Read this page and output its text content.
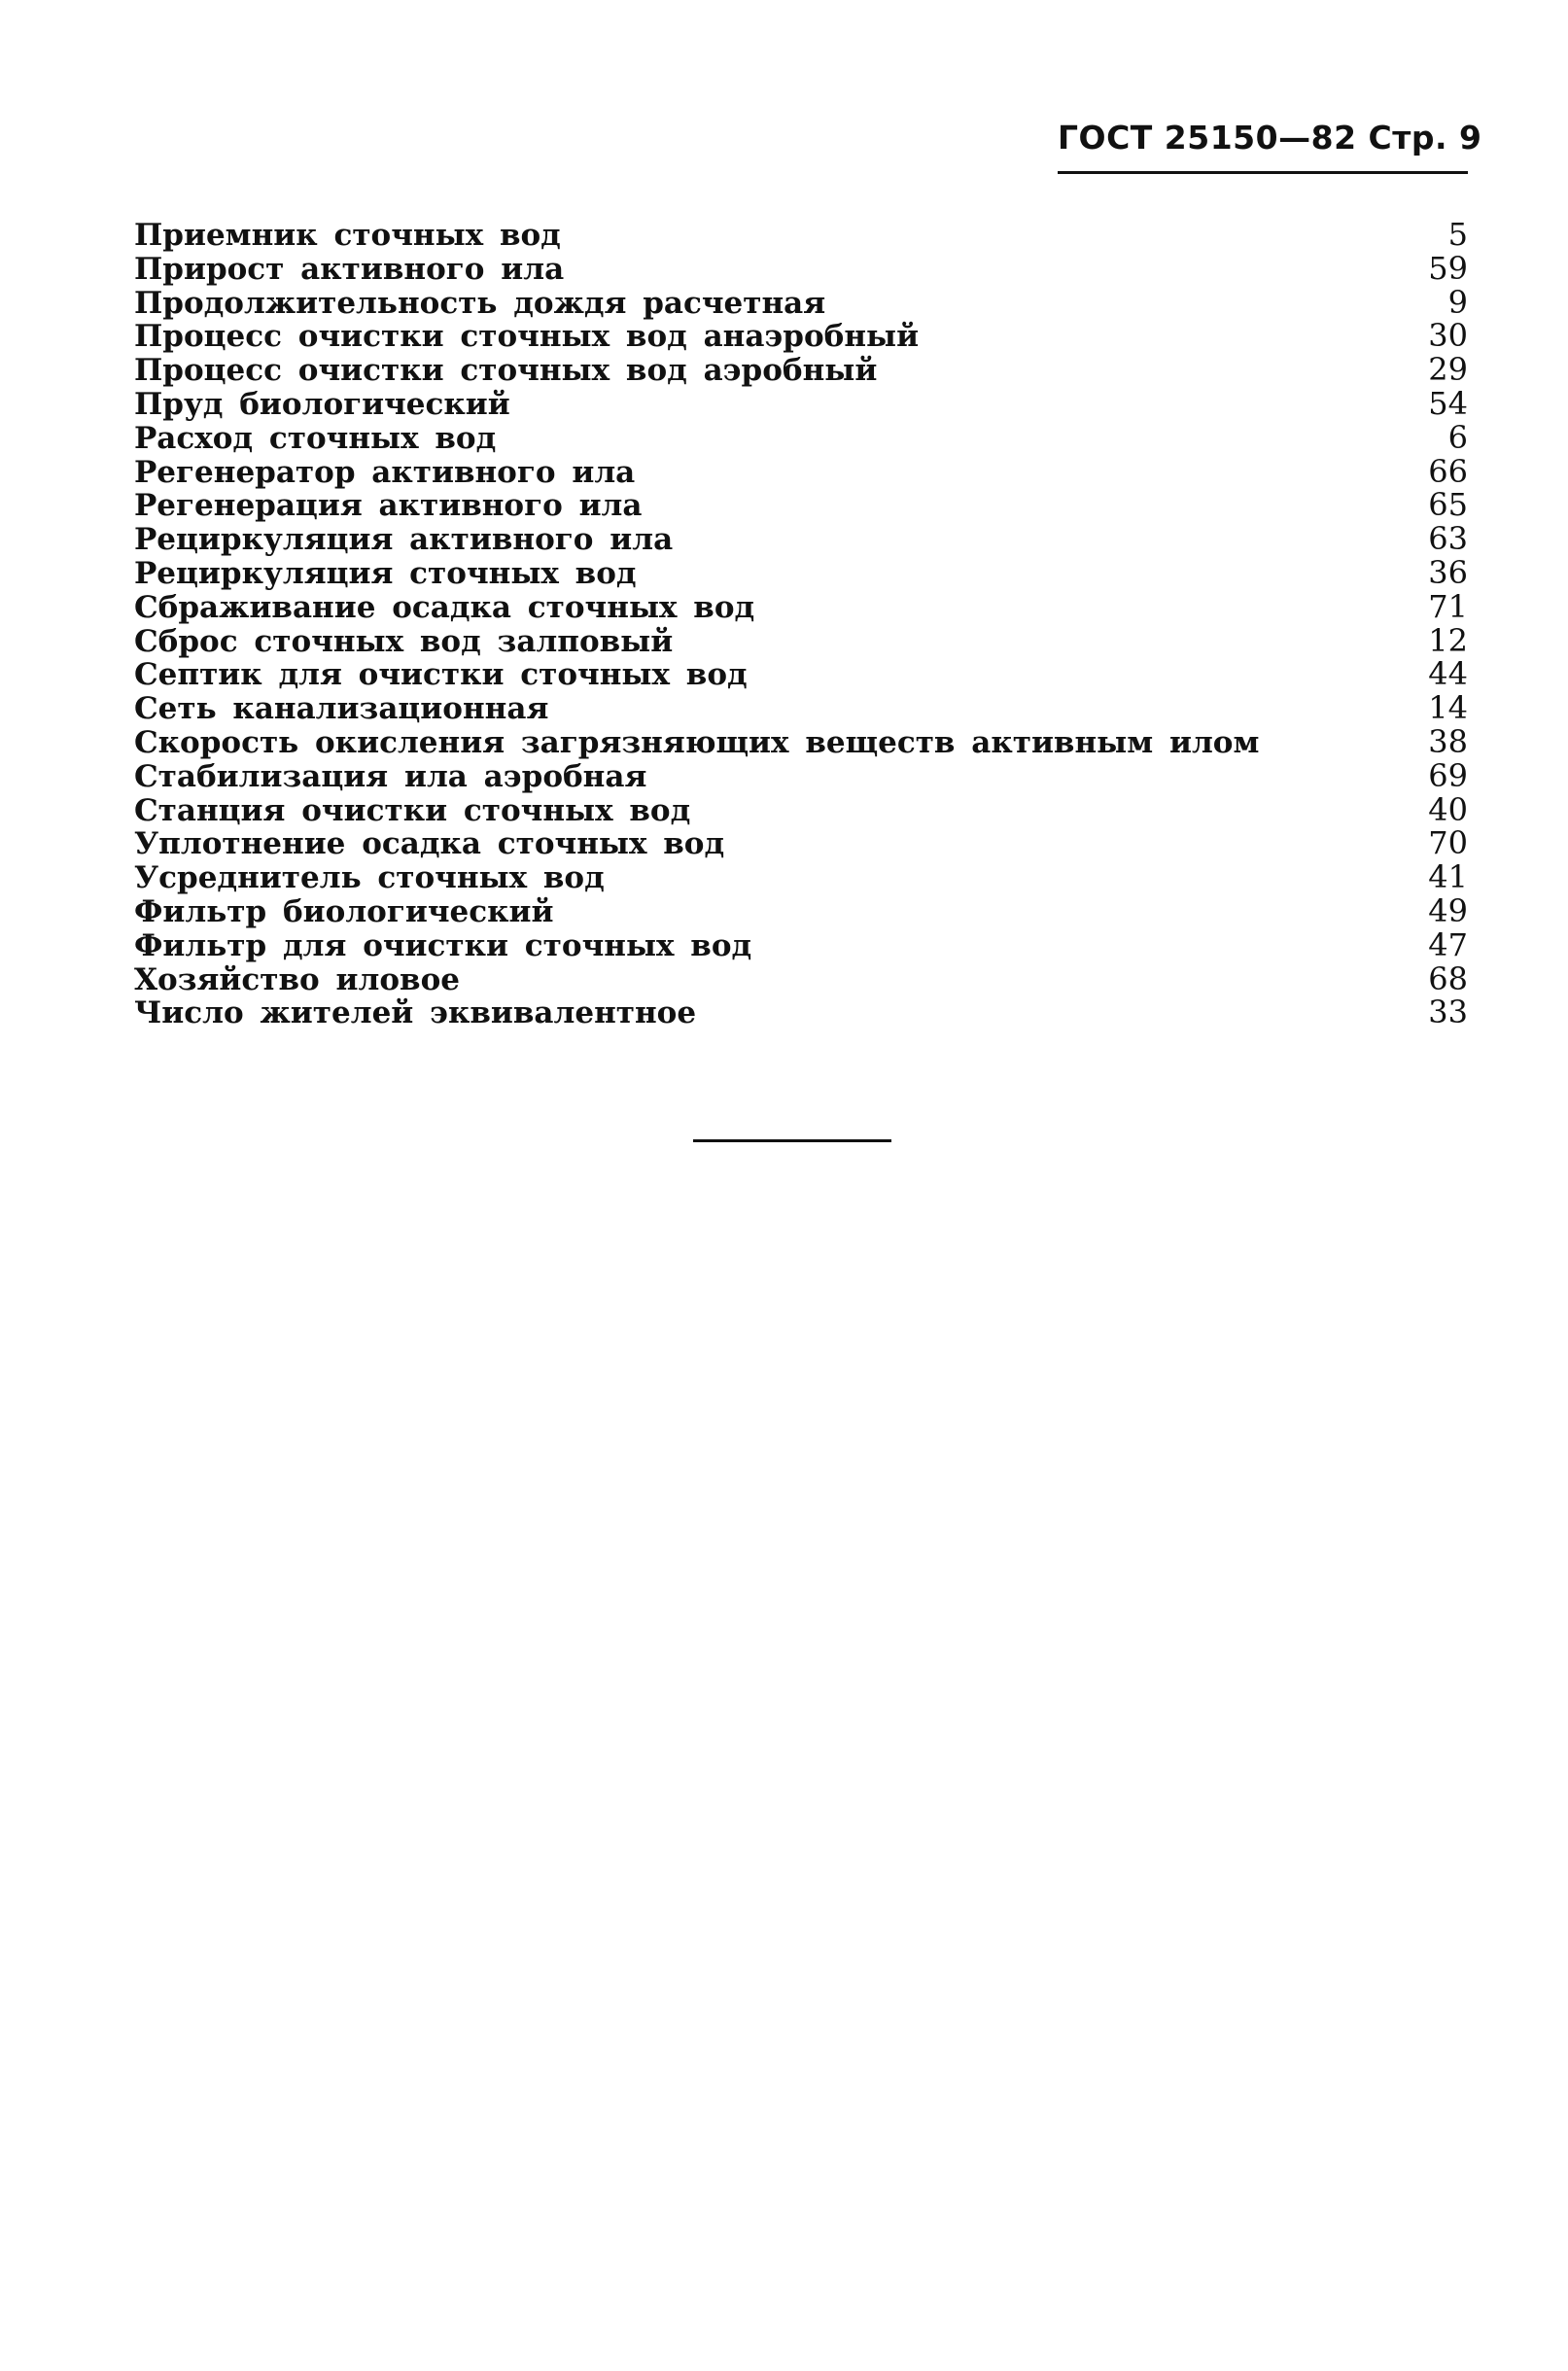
ГОСТ 25150—82 Стр. 9
Приемник сточных вод	5
Прирост активного ила	59
Продолжительность дождя расчетная	9
Процесс очистки сточных вод анаэробный	30
Процесс очистки сточных вод аэробный	29
Пруд биологический	54
Расход сточных вод	6
Регенератор активного ила	66
Регенерация активного ила	65
Рециркуляция активного ила	63
Рециркуляция сточных вод	36
Сбраживание осадка сточных вод	71
Сброс сточных вод залповый	12
Септик для очистки сточных вод	44
Сеть канализационная	14
Скорость окисления загрязняющих веществ активным илом	38
Стабилизация ила аэробная	69
Станция очистки сточных вод	40
Уплотнение осадка сточных вод	70
Усреднитель сточных вод	41
Фильтр биологический	49
Фильтр для очистки сточных вод	47
Хозяйство иловое	68
Число жителей эквивалентное	33
